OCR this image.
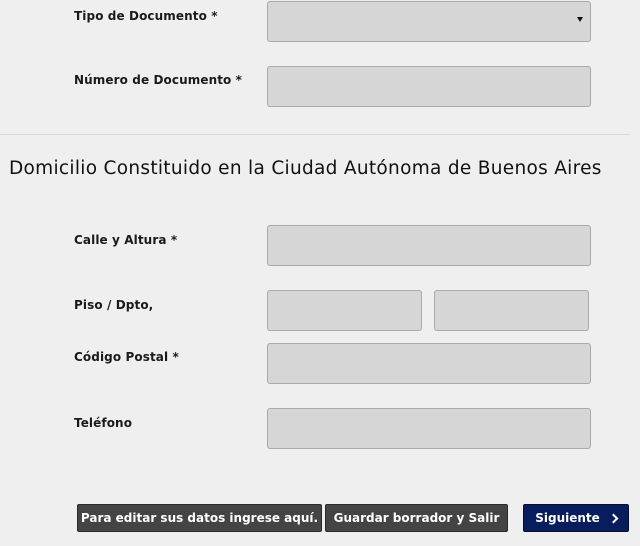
Tipo de Documento *
Número de Documento *
Domicilio Constituido en la Ciudad Autónoma de Buenos Aires
Calle y Altura *
Piso / Dpto,
Código Postal *
Teléfono
Para editar sus datos ingrese aquí. Guardar borrador y Salir	Siguiente
